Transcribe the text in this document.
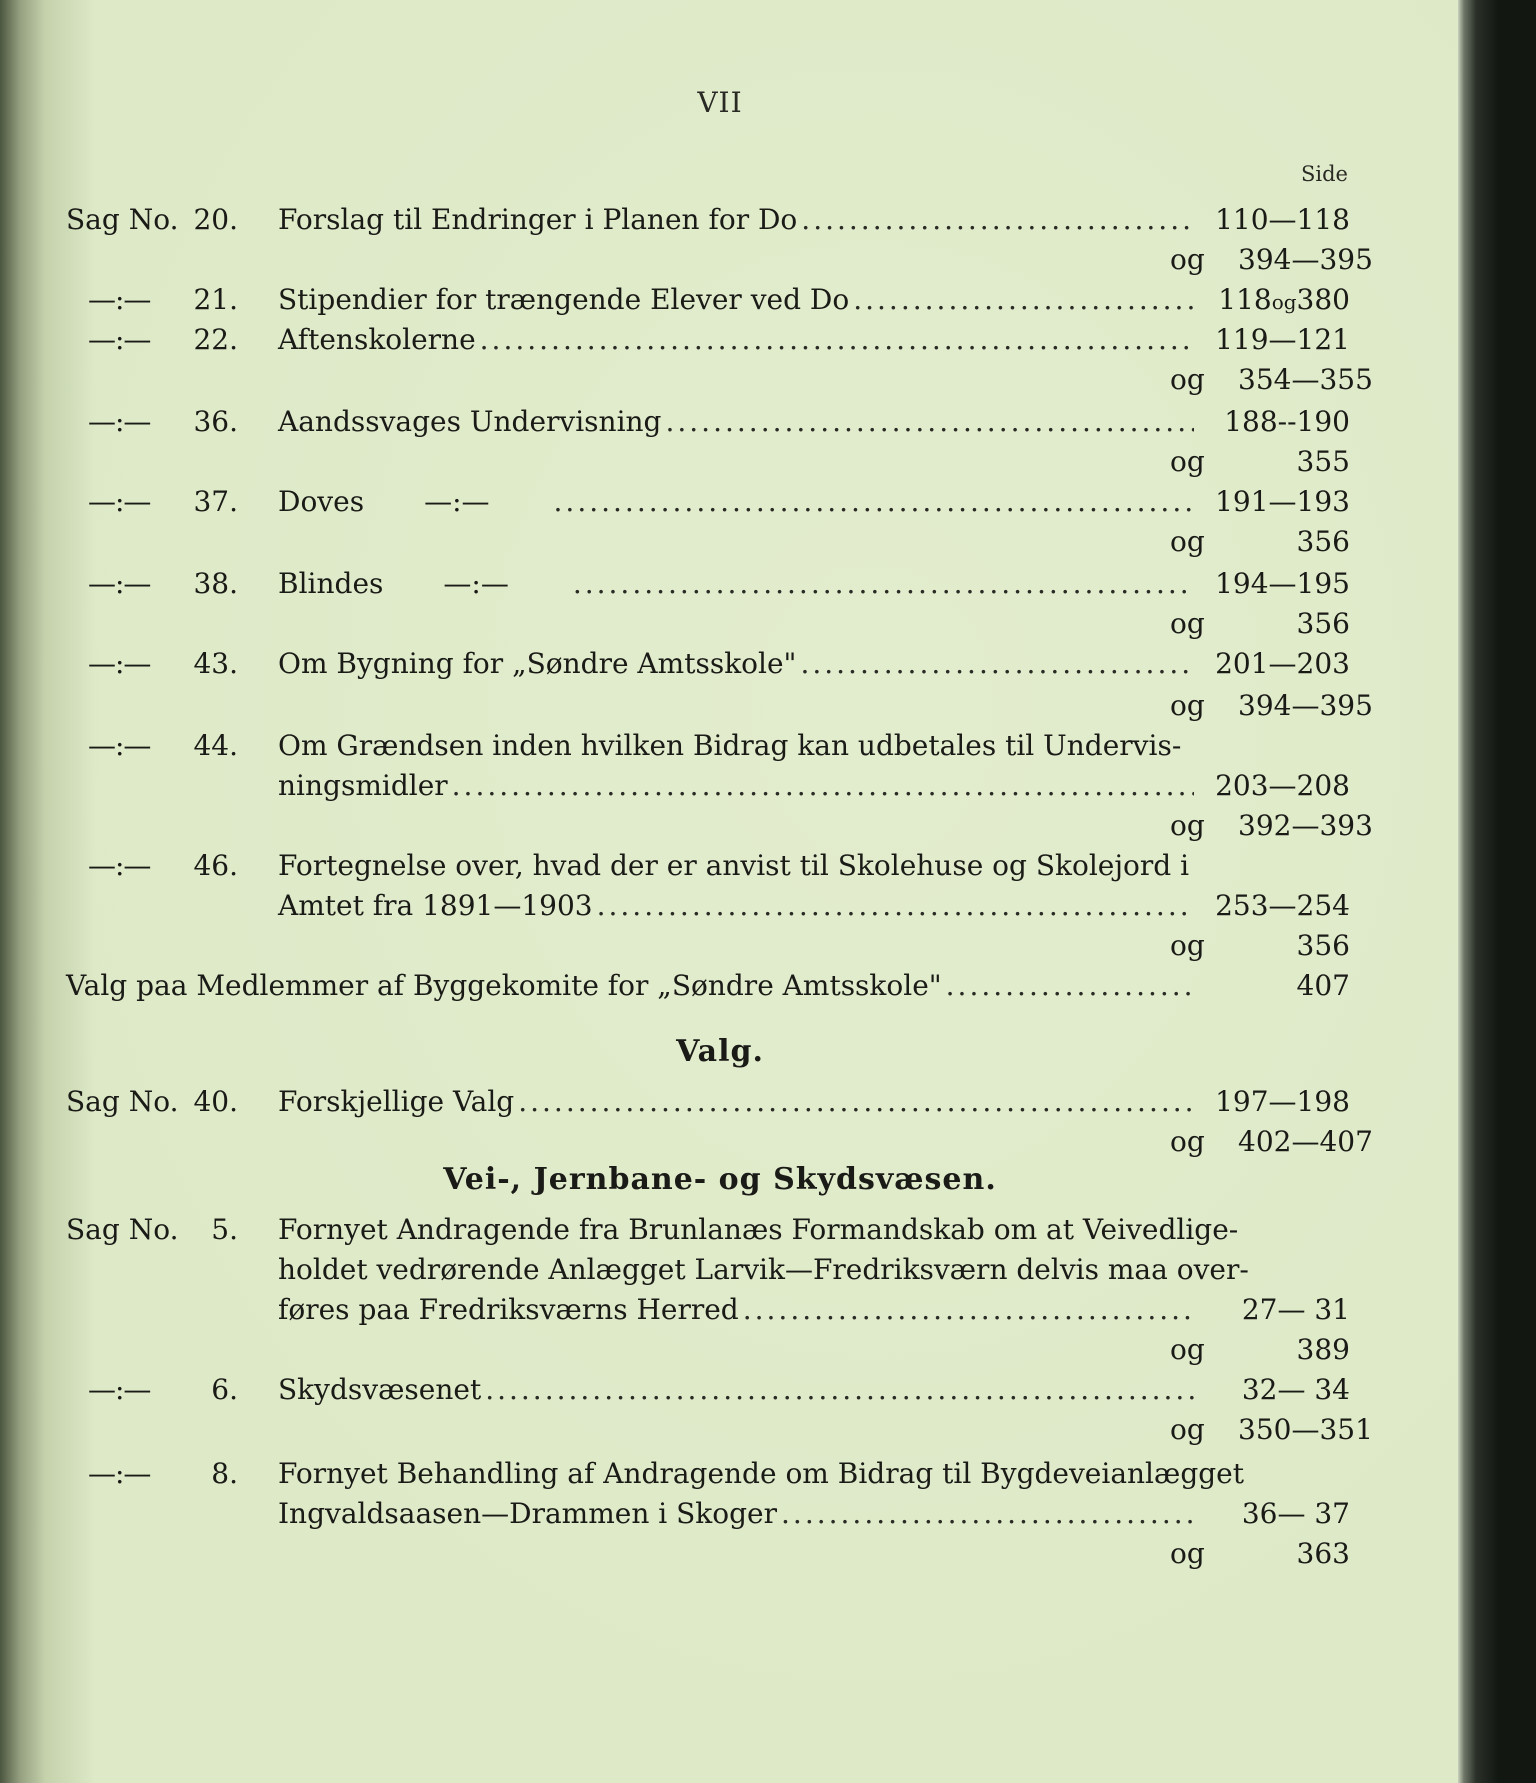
VII
Side
Sag No. 20. Forslag til Endringer i Planen for Do .....	110—118
og 394—395
—:—	21. Stipendier for trængende Elever ved Do .....	118og380
—:—	22. Aftenskolerne .....	119—121
og 354—355
—:—	36. Aandssvages Undervisning .....	188--190
og	355
—:—	37. Doves —:— .....	191—193
og	356
—:—	38. Blindes —:— .....	194—195
og	356
—:—	43. Om Bygning for „Søndre Amtsskole" .....	201—203
og 394—395
—:—	44. Om Grændsen inden hvilken Bidrag kan udbetales til Undervis-
ningsmidler .....	203—208
og 392—393
—:—	46. Fortegnelse over, hvad der er anvist til Skolehuse og Skolejord i
Amtet fra 1891—1903 .....	253—254
og	356
Valg paa Medlemmer af Byggekomite for „Søndre Amtsskole" .....	407
Valg.
Sag No. 40. Forskjellige Valg .....	197—198
og 402—407
Vei-, Jernbane- og Skydsvæsen.
Sag No.	5. Fornyet Andragende fra Brunlanæs Formandskab om at Veivedlige-
holdet vedrørende Anlægget Larvik—Fredriksværn delvis maa over-
føres paa Fredriksværns Herred .....	27— 31
og	389
—:—	6. Skydsvæsenet .....	32— 34
og 350—351
—:—	8. Fornyet Behandling af Andragende om Bidrag til Bygdeveianlægget
Ingvaldsaasen—Drammen i Skoger .....	36— 37
og	363
